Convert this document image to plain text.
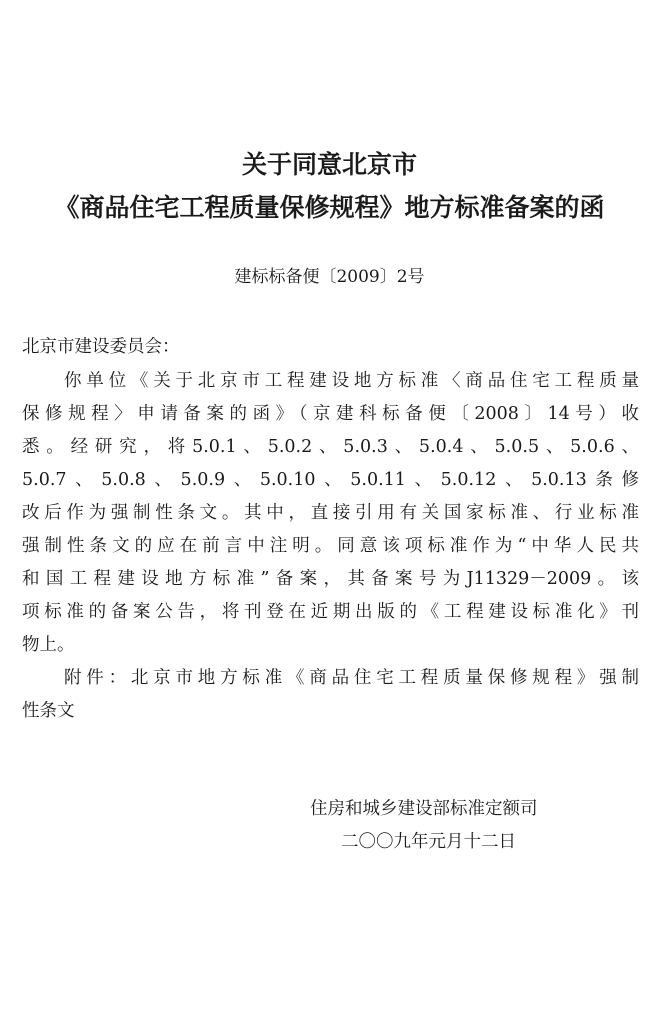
关于同意北京市
《商品住宅工程质量保修规程》地方标准备案的函
建标标备便〔2009〕2号
北京市建设委员会：
你单位《关于北京市工程建设地方标准〈商品住宅工程质量
保修规程〉申请备案的函》（京建科标备便〔2008〕14号）收
悉。经研究，将5.0.1、5.0.2、5.0.3、5.0.4、5.0.5、5.0.6、
5.0.7、5.0.8、5.0.9、5.0.10、5.0.11、5.0.12、5.0.13条修
改后作为强制性条文。其中，直接引用有关国家标准、行业标准
强制性条文的应在前言中注明。同意该项标准作为“中华人民共
和国工程建设地方标准”备案，其备案号为J11329－2009。该
项标准的备案公告，将刊登在近期出版的《工程建设标准化》刊
物上。
附件：北京市地方标准《商品住宅工程质量保修规程》强制
性条文
住房和城乡建设部标准定额司
二〇〇九年元月十二日
